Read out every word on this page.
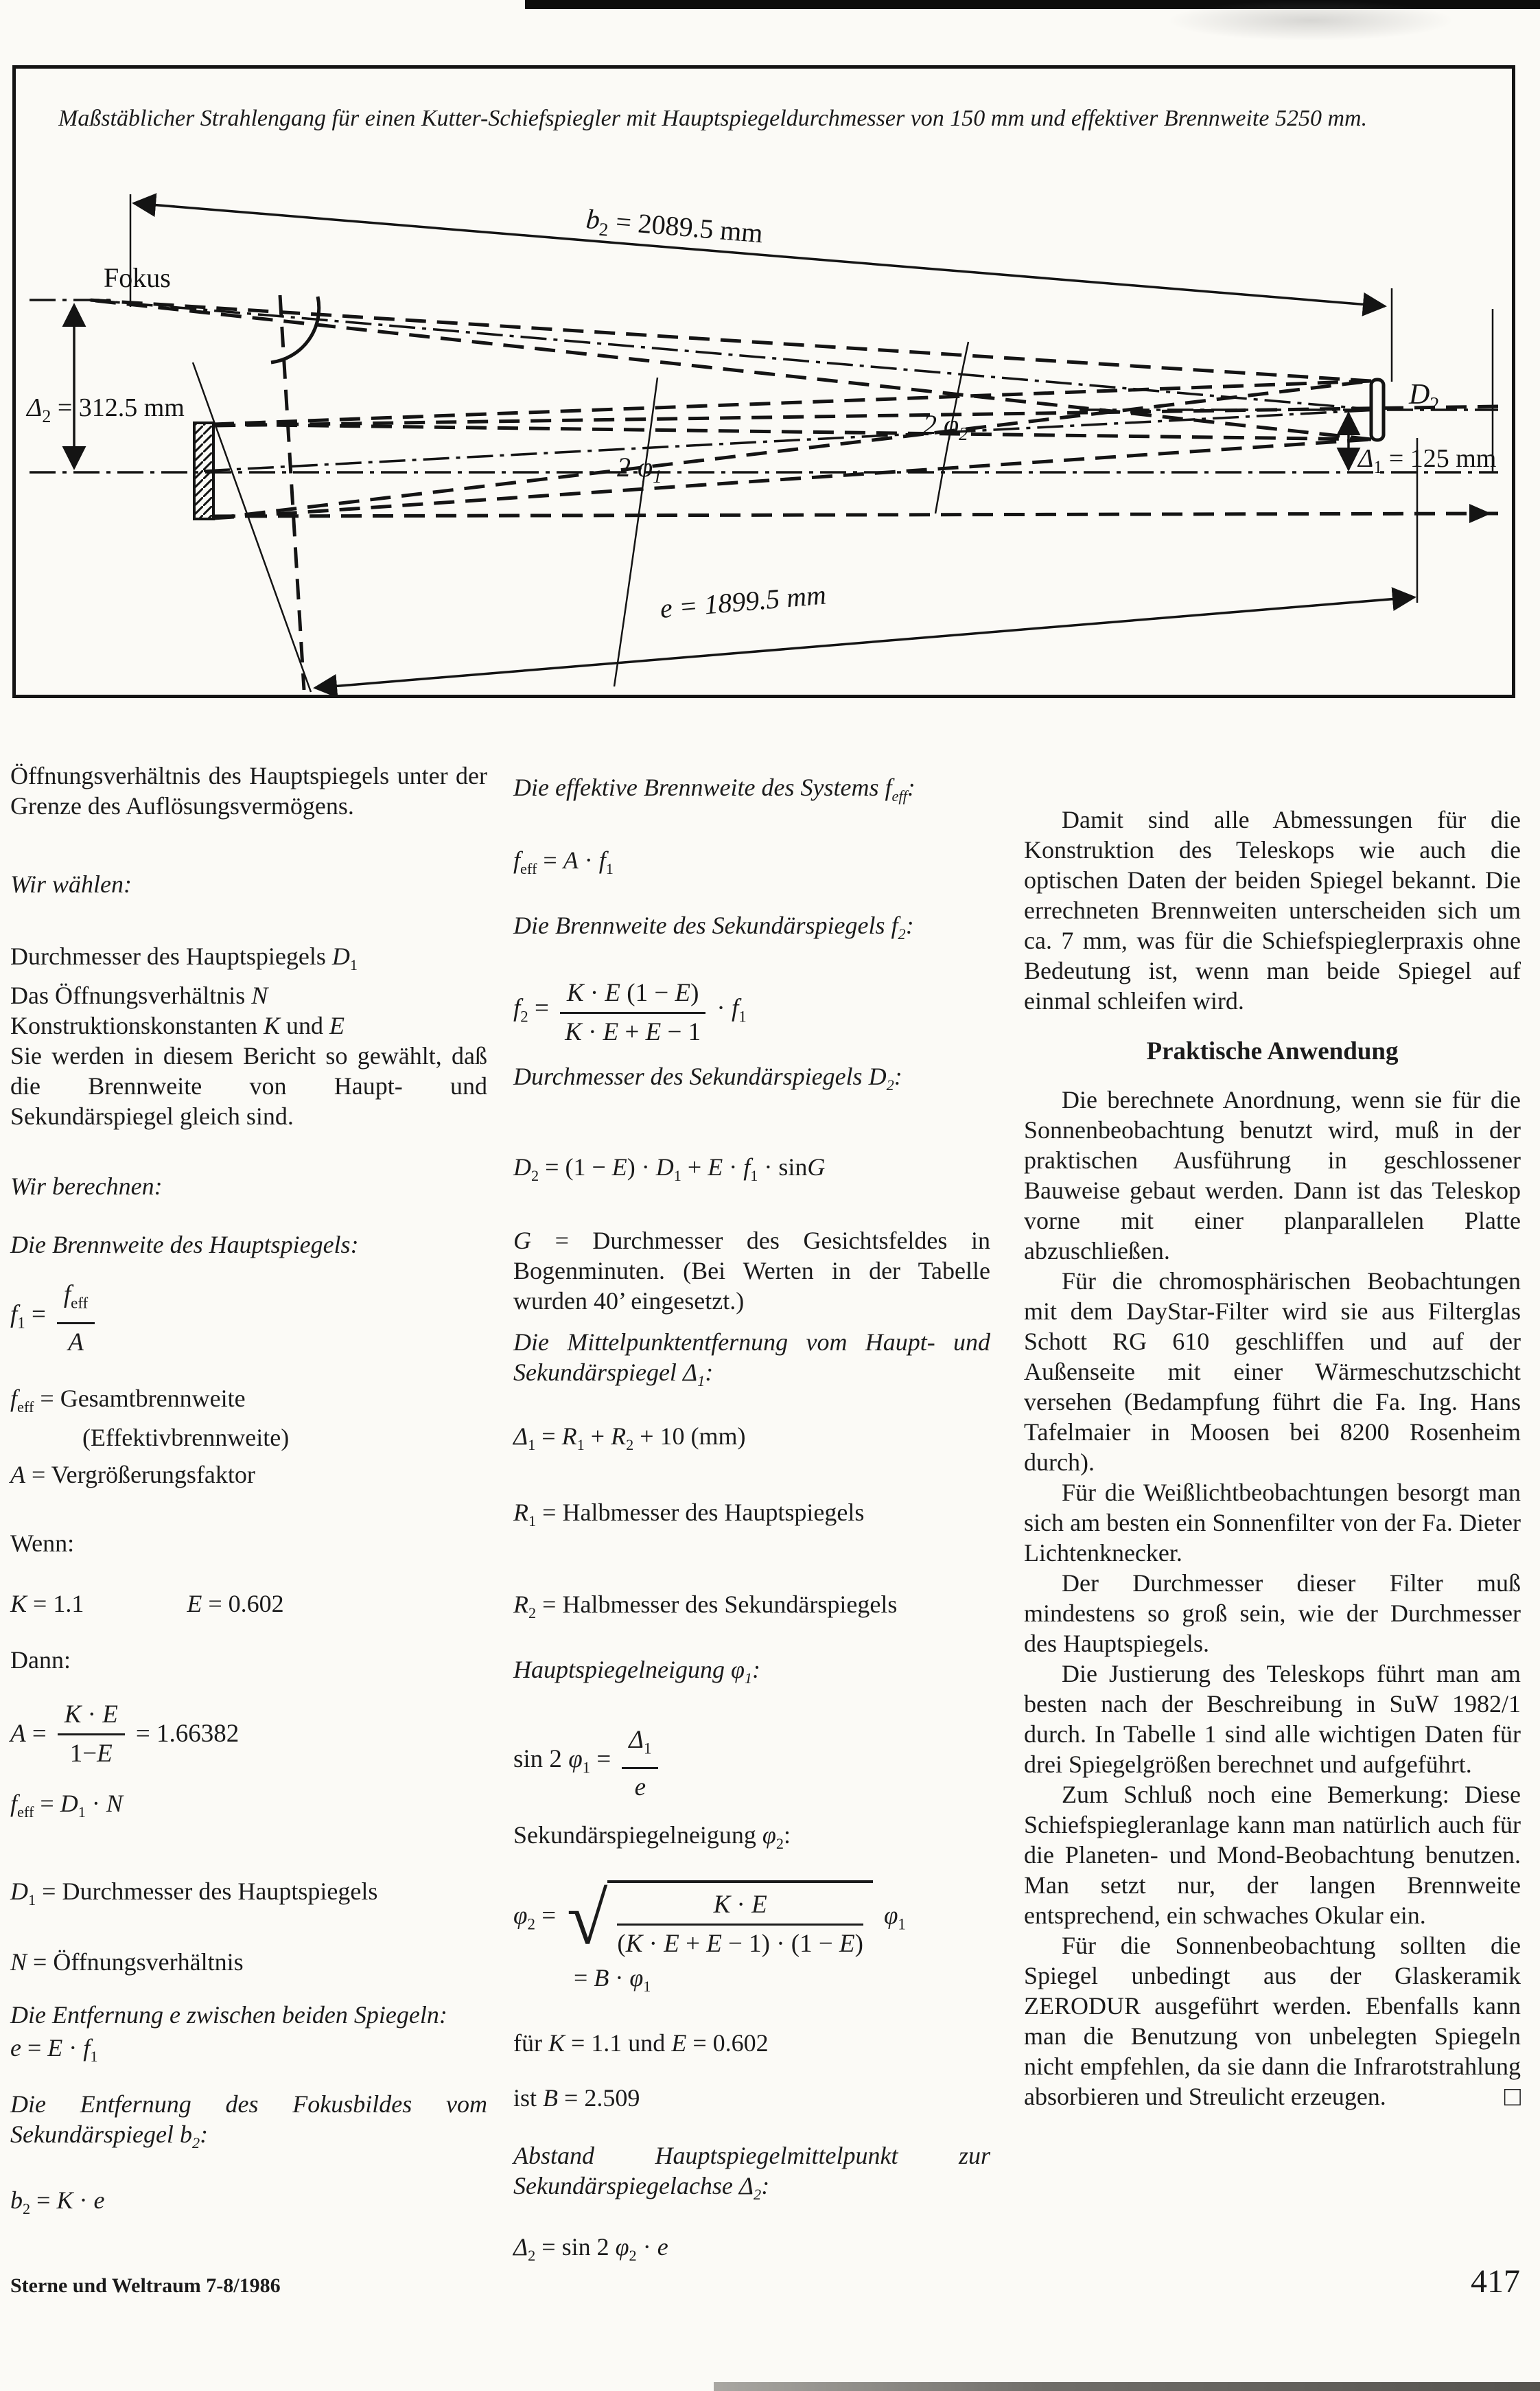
Fokus
$b_2 = 2089.5$ mm
$\Delta_2 = 312.5$ mm	$D_2$
$\Delta_1 = 125$ mm
2 $\varphi_2$
2 $\varphi_1$
e = 1899.5 mm
Maßstäblicher Strahlengang für einen Kutter-Schiefspiegler mit Hauptspiegeldurchmesser von 150 mm und effektiver Brennweite 5250 mm.

Öffnungsverhältnis des Hauptspiegels unter der Grenze des Auflösungsvermögens.

Wir wählen:

Durchmesser des Hauptspiegels $D_1$
Das Öffnungsverhältnis N
Konstruktionskonstanten K und E

Sie werden in diesem Bericht so gewählt, daß die Brennweite von Haupt- und Sekundärspiegel gleich sind.

Wir berechnen:

Die Brennweite des Hauptspiegels:

$f_1 = \frac{f_{eff}}{A}$
$f_{eff}$ = Gesamtbrennweite
(Effektivbrennweite)
A = Vergrößerungsfaktor

Wenn:

K = 1.1	E = 0.602

Dann:

$A = \frac{K \cdot E}{1-E} = 1.66382$
$f_{eff} = D_1 \cdot N$
$D_1$ = Durchmesser des Hauptspiegels
N = Öffnungsverhältnis

Die Entfernung e zwischen beiden Spiegeln:

$e = E \cdot f_1$

Die Entfernung des Fokusbildes vom Sekundärspiegel $b_2$:

$b_2 = K \cdot e$

Die effektive Brennweite des Systems $f_{eff}$:

$f_{eff} = A \cdot f_1$

Die Brennweite des Sekundärspiegels $f_2$:

$f_2 = \frac{K \cdot E (1 - E)}{K \cdot E + E - 1} \cdot f_1$

Durchmesser des Sekundärspiegels $D_2$:

$D_2 = (1 - E) \cdot D_1 + E \cdot f_1 \cdot \sin G$

G = Durchmesser des Gesichtsfeldes in Bogenminuten. (Bei Werten in der Tabelle wurden 40’ eingesetzt.)

Die Mittelpunktentfernung vom Haupt- und Sekundärspiegel $\Delta_1$:

$\Delta_1 = R_1 + R_2 + 10$ (mm)
$R_1$ = Halbmesser des Hauptspiegels
$R_2$ = Halbmesser des Sekundärspiegels

Hauptspiegelneigung $\varphi_1$:

sin 2 $\varphi_1 = \frac{\Delta_1}{e}$

Sekundärspiegelneigung $\varphi_2$:

$\varphi_2$ = √ $\frac{K \cdot E}{(K \cdot E + E - 1) \cdot (1 - E)} \varphi_1$
= $B \cdot \varphi_1$
für K = 1.1 und E = 0.602
ist B = 2.509

Abstand Hauptspiegelmittelpunkt zur Sekundärspiegelachse $\Delta_2$:

$\Delta_2 = \sin 2$ $\varphi_2 \cdot e$

Damit sind alle Abmessungen für die Konstruktion des Teleskops wie auch die optischen Daten der beiden Spiegel bekannt. Die errechneten Brennweiten unterscheiden sich um ca. 7 mm, was für die Schiefspieglerpraxis ohne Bedeutung ist, wenn man beide Spiegel auf einmal schleifen wird.

Praktische Anwendung

Die berechnete Anordnung, wenn sie für die Sonnenbeobachtung benutzt wird, muß in der praktischen Ausführung in geschlossener Bauweise gebaut werden. Dann ist das Teleskop vorne mit einer planparallelen Platte abzuschließen.

Für die chromosphärischen Beobachtungen mit dem DayStar-Filter wird sie aus Filterglas Schott RG 610 geschliffen und auf der Außenseite mit einer Wärmeschutzschicht versehen (Bedampfung führt die Fa. Ing. Hans Tafelmaier in Moosen bei 8200 Rosenheim durch).

Für die Weißlichtbeobachtungen besorgt man sich am besten ein Sonnenfilter von der Fa. Dieter Lichtenknecker.

Der Durchmesser dieser Filter muß mindestens so groß sein, wie der Durchmesser des Hauptspiegels.

Die Justierung des Teleskops führt man am besten nach der Beschreibung in SuW 1982/1 durch. In Tabelle 1 sind alle wichtigen Daten für drei Spiegelgrößen berechnet und aufgeführt.

Zum Schluß noch eine Bemerkung: Diese Schiefspiegleranlage kann man natürlich auch für die Planeten- und Mond-Beobachtung benutzen. Man setzt nur, der langen Brennweite entsprechend, ein schwaches Okular ein.

Für die Sonnenbeobachtung sollten die Spiegel unbedingt aus der Glaskeramik ZERODUR ausgeführt werden. Ebenfalls kann man die Benutzung von unbelegten Spiegeln nicht empfehlen, da sie dann die Infrarotstrahlung absorbieren und Streulicht erzeugen.	□

Sterne und Weltraum 7-8/1986	417
